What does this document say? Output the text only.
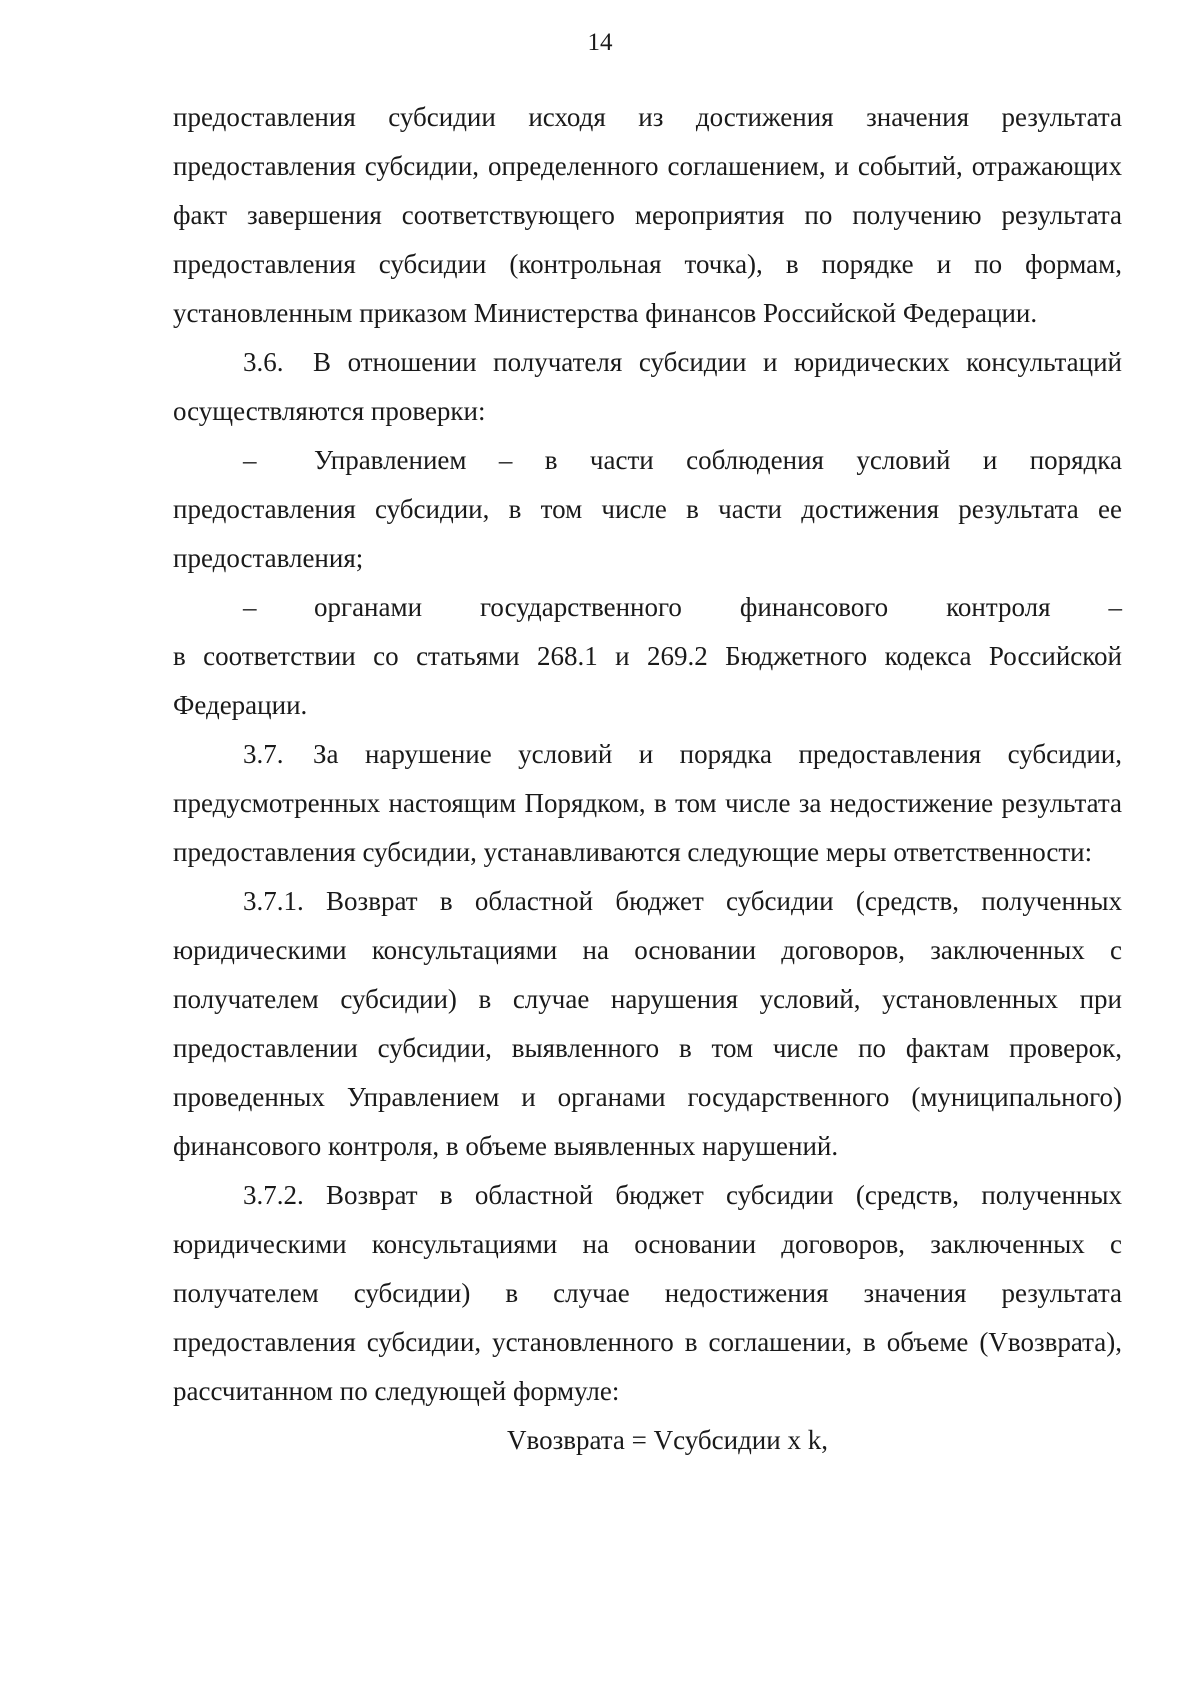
14

предоставления субсидии исходя из достижения значения результата предоставления субсидии, определенного соглашением, и событий, отражающих факт завершения соответствующего мероприятия по получению результата предоставления субсидии (контрольная точка), в порядке и по формам, установленным приказом Министерства финансов Российской Федерации.

3.6. В отношении получателя субсидии и юридических консультаций осуществляются проверки:

– Управлением – в части соблюдения условий и порядка предоставления субсидии, в том числе в части достижения результата ее предоставления;

– органами государственного финансового контроля –

в соответствии со статьями 268.1 и 269.2 Бюджетного кодекса Российской Федерации.

3.7. За нарушение условий и порядка предоставления субсидии, предусмотренных настоящим Порядком, в том числе за недостижение результата предоставления субсидии, устанавливаются следующие меры ответственности:

3.7.1. Возврат в областной бюджет субсидии (средств, полученных юридическими консультациями на основании договоров, заключенных с получателем субсидии) в случае нарушения условий, установленных при предоставлении субсидии, выявленного в том числе по фактам проверок, проведенных Управлением и органами государственного (муниципального) финансового контроля, в объеме выявленных нарушений.

3.7.2. Возврат в областной бюджет субсидии (средств, полученных юридическими консультациями на основании договоров, заключенных с получателем субсидии) в случае недостижения значения результата предоставления субсидии, установленного в соглашении, в объеме (Vвозврата), рассчитанном по следующей формуле:

Vвозврата = Vсубсидии x k,
